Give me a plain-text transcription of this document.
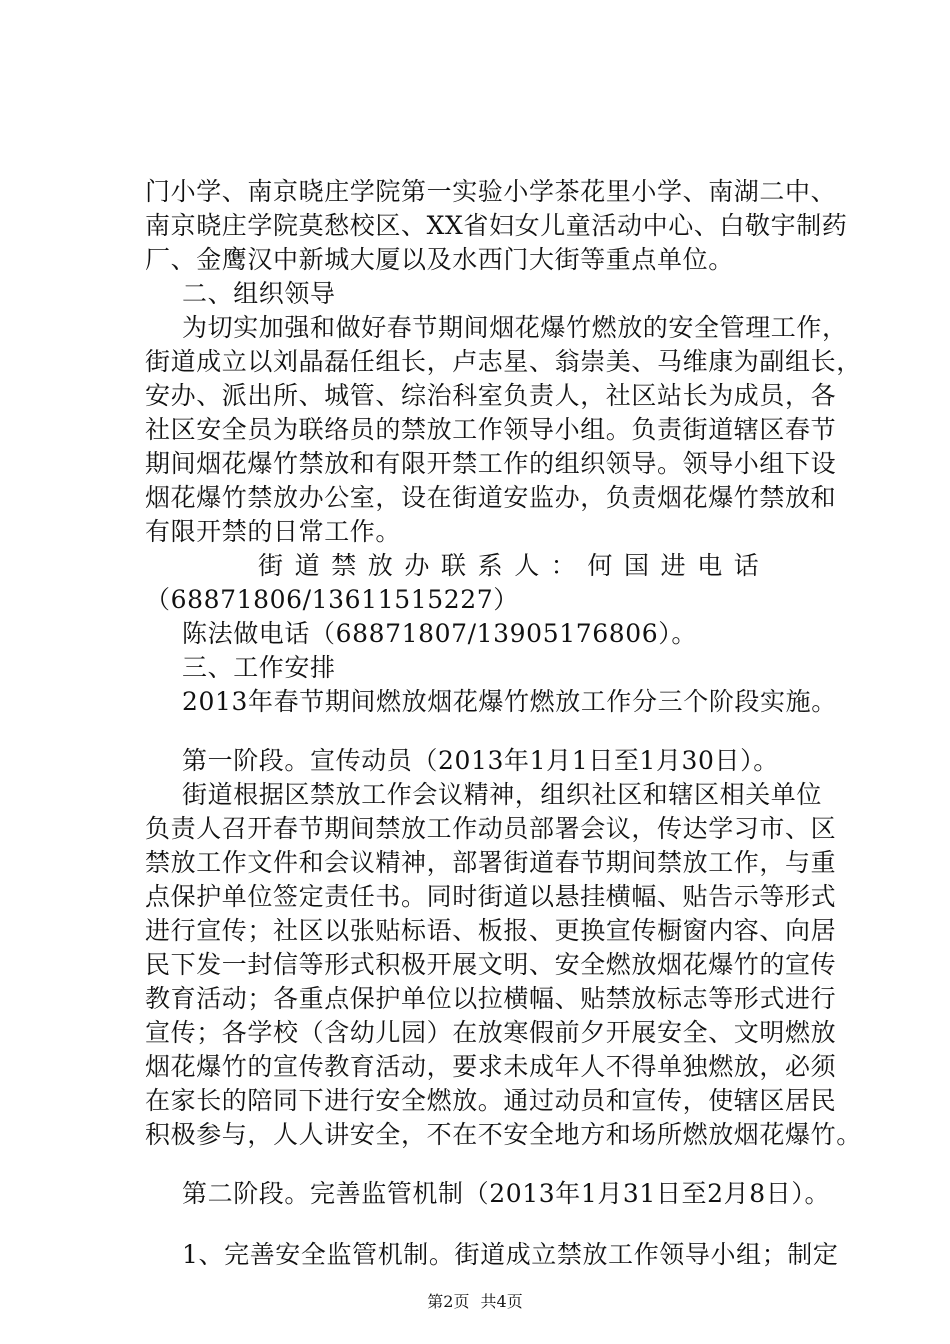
门小学、南京晓庄学院第一实验小学茶花里小学、南湖二中、
南京晓庄学院莫愁校区、XX省妇女儿童活动中心、白敬宇制药
厂、金鹰汉中新城大厦以及水西门大街等重点单位。
二、组织领导
为切实加强和做好春节期间烟花爆竹燃放的安全管理工作，
街道成立以刘晶磊任组长，卢志星、翁崇美、马维康为副组长，
安办、派出所、城管、综治科室负责人，社区站长为成员，各
社区安全员为联络员的禁放工作领导小组。负责街道辖区春节
期间烟花爆竹禁放和有限开禁工作的组织领导。领导小组下设
烟花爆竹禁放办公室，设在街道安监办，负责烟花爆竹禁放和
有限开禁的日常工作。
街道禁放办联系人：何国进电话
（68871806/13611515227）
陈法做电话（68871807/13905176806）。
三、工作安排
2013年春节期间燃放烟花爆竹燃放工作分三个阶段实施。
第一阶段。宣传动员（2013年1月1日至1月30日）。
街道根据区禁放工作会议精神，组织社区和辖区相关单位
负责人召开春节期间禁放工作动员部署会议，传达学习市、区
禁放工作文件和会议精神，部署街道春节期间禁放工作，与重
点保护单位签定责任书。同时街道以悬挂横幅、贴告示等形式
进行宣传；社区以张贴标语、板报、更换宣传橱窗内容、向居
民下发一封信等形式积极开展文明、安全燃放烟花爆竹的宣传
教育活动；各重点保护单位以拉横幅、贴禁放标志等形式进行
宣传；各学校（含幼儿园）在放寒假前夕开展安全、文明燃放
烟花爆竹的宣传教育活动，要求未成年人不得单独燃放，必须
在家长的陪同下进行安全燃放。通过动员和宣传，使辖区居民
积极参与，人人讲安全，不在不安全地方和场所燃放烟花爆竹。
第二阶段。完善监管机制（2013年1月31日至2月8日）。
1、完善安全监管机制。街道成立禁放工作领导小组；制定
第2页 共4页
